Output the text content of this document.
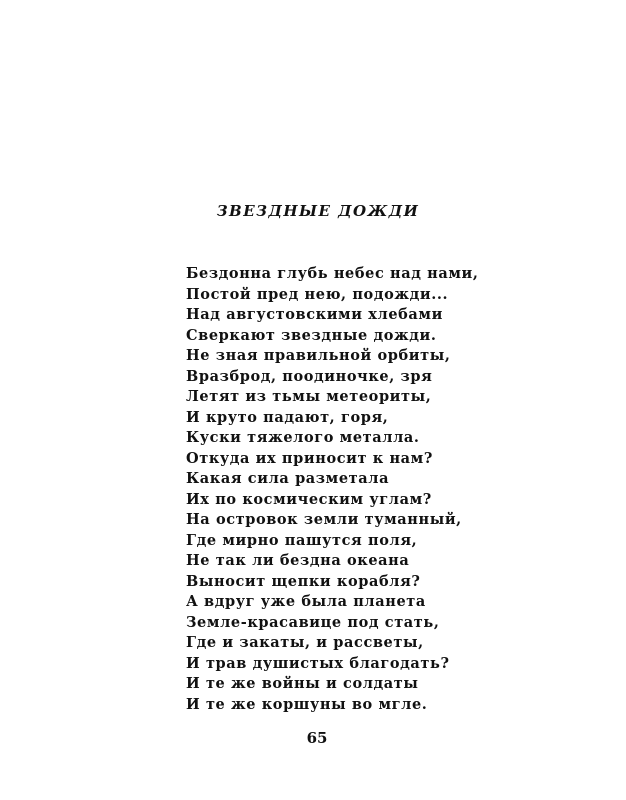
ЗВЕЗДНЫЕ ДОЖДИ
Бездонна глубь небес над нами,
Постой пред нею, подожди...
Над августовскими хлебами
Сверкают звездные дожди.
Не зная правильной орбиты,
Вразброд, поодиночке, зря
Летят из тьмы метеориты,
И круто падают, горя,
Куски тяжелого металла.
Откуда их приносит к нам?
Какая сила разметала
Их по космическим углам?
На островок земли туманный,
Где мирно пашутся поля,
Не так ли бездна океана
Выносит щепки корабля?
А вдруг уже была планета
Земле-красавице под стать,
Где и закаты, и рассветы,
И трав душистых благодать?
И те же войны и солдаты
И те же коршуны во мгле.
65
